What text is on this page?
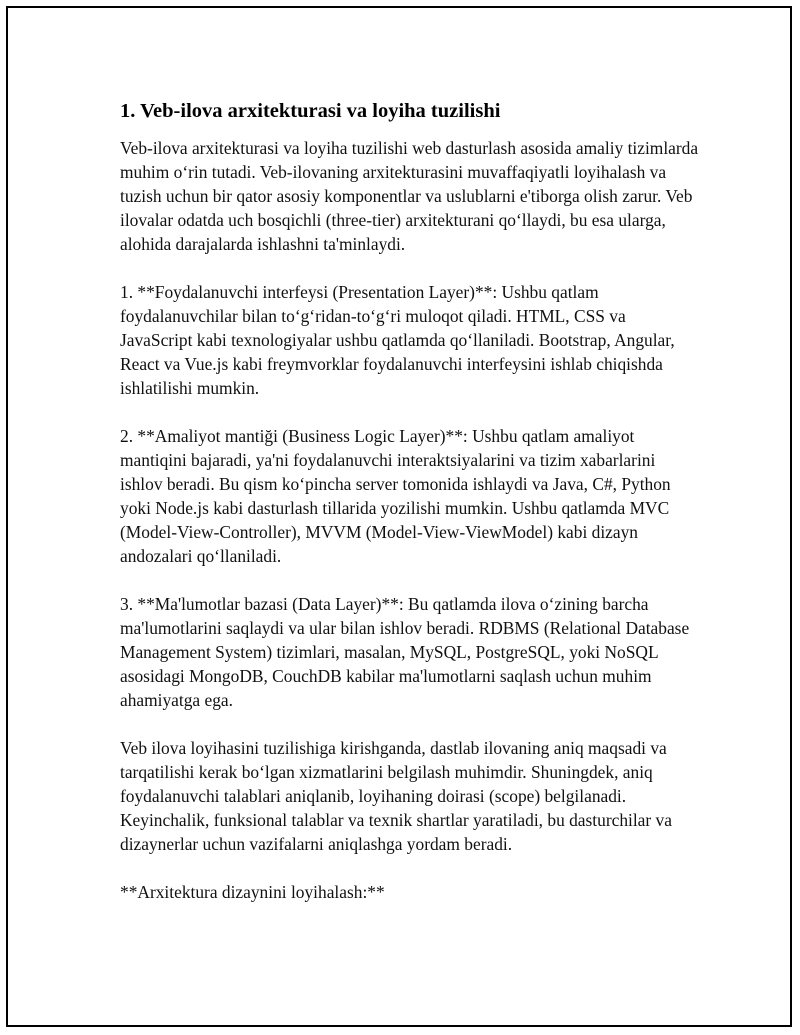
1. Veb-ilova arxitekturasi va loyiha tuzilishi

Veb-ilova arxitekturasi va loyiha tuzilishi web dasturlash asosida amaliy tizimlarda muhim oʻrin tutadi. Veb-ilovaning arxitekturasini muvaffaqiyatli loyihalash va tuzish uchun bir qator asosiy komponentlar va uslublarni e'tiborga olish zarur. Veb ilovalar odatda uch bosqichli (three-tier) arxitekturani qoʻllaydi, bu esa ularga, alohida darajalarda ishlashni ta'minlaydi.

1. **Foydalanuvchi interfeysi (Presentation Layer)**: Ushbu qatlam foydalanuvchilar bilan toʻgʻridan-toʻgʻri muloqot qiladi. HTML, CSS va JavaScript kabi texnologiyalar ushbu qatlamda qoʻllaniladi. Bootstrap, Angular, React va Vue.js kabi freymvorklar foydalanuvchi interfeysini ishlab chiqishda ishlatilishi mumkin.

2. **Amaliyot mantiği (Business Logic Layer)**: Ushbu qatlam amaliyot mantiqini bajaradi, ya'ni foydalanuvchi interaktsiyalarini va tizim xabarlarini ishlov beradi. Bu qism koʻpincha server tomonida ishlaydi va Java, C#, Python yoki Node.js kabi dasturlash tillarida yozilishi mumkin. Ushbu qatlamda MVC (Model-View-Controller), MVVM (Model-View-ViewModel) kabi dizayn andozalari qoʻllaniladi.

3. **Ma'lumotlar bazasi (Data Layer)**: Bu qatlamda ilova oʻzining barcha ma'lumotlarini saqlaydi va ular bilan ishlov beradi. RDBMS (Relational Database Management System) tizimlari, masalan, MySQL, PostgreSQL, yoki NoSQL asosidagi MongoDB, CouchDB kabilar ma'lumotlarni saqlash uchun muhim ahamiyatga ega.

Veb ilova loyihasini tuzilishiga kirishganda, dastlab ilovaning aniq maqsadi va tarqatilishi kerak boʻlgan xizmatlarini belgilash muhimdir. Shuningdek, aniq foydalanuvchi talablari aniqlanib, loyihaning doirasi (scope) belgilanadi. Keyinchalik, funksional talablar va texnik shartlar yaratiladi, bu dasturchilar va dizaynerlar uchun vazifalarni aniqlashga yordam beradi.

**Arxitektura dizaynini loyihalash:**
